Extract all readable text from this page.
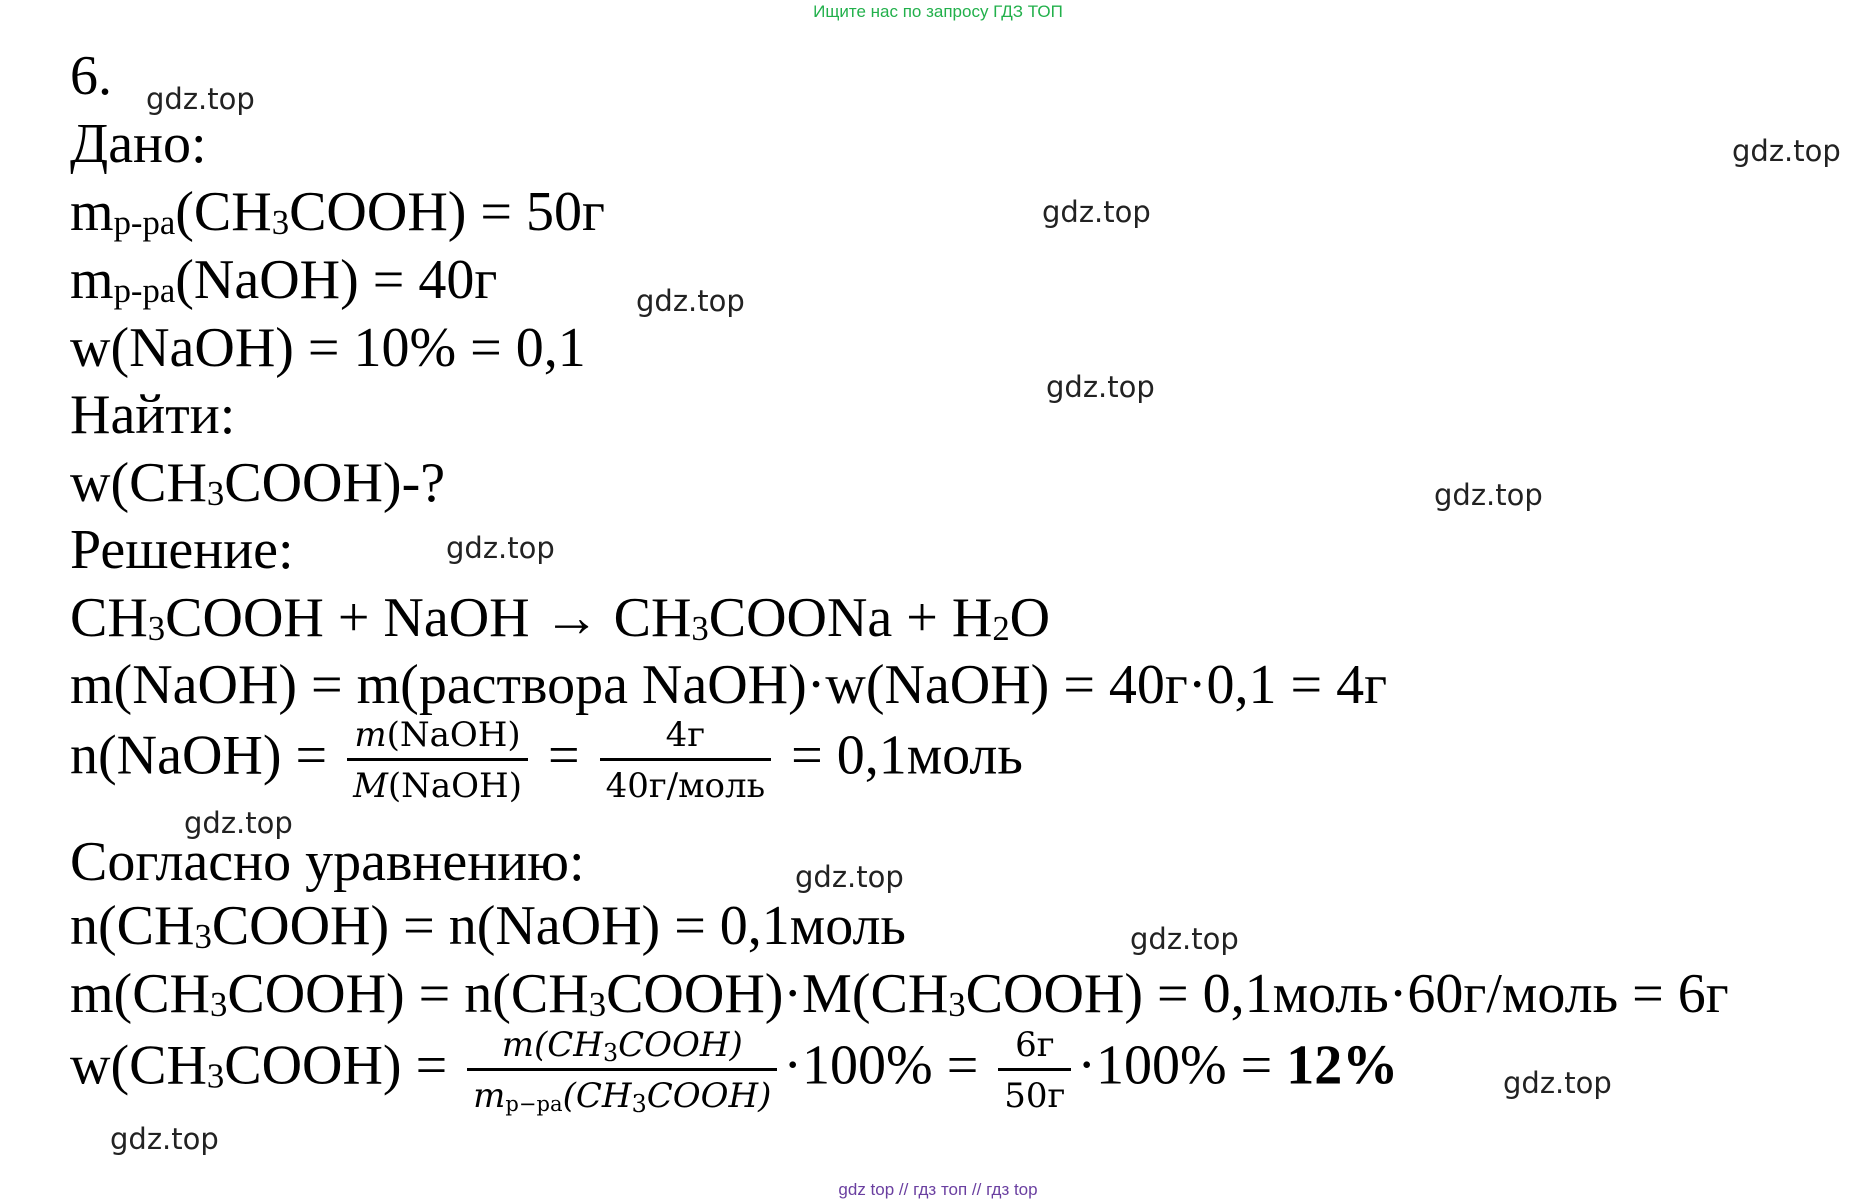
Ищите нас по запросу ГДЗ ТОП
gdz.top
gdz.top
gdz.top
gdz.top
gdz.top
gdz.top
gdz.top
gdz.top
gdz.top
gdz.top
gdz.top
gdz.top
6.
Дано:
$m_{р-ра}(CH_3COOH) = 50г$
$m_{р-ра}(NaOH) = 40г$
w(NaOH) = 10% = 0,1
Найти:
$w(CH_3COOH)-$?
Решение:
$CH_3COOH$ + NaOH → $CH_3COONa + H_2O$
m(NaOH) = m(раствора NaOH)·w(NaOH) = 40г·0,1 = 4г
n(NaOH) = $\frac{\text{m(NaOH)}}{\text{M(NaOH)}} = \frac{4г}{\text{40г/моль}}$ = 0,1моль
Согласно уравнению:
$n(CH_3COOH)$ = n(NaOH) = 0,1моль
$m(CH_3COOH)$ = $n(CH_3COOH)\cdot M(CH_3COOH)$ = 0,1моль·60г/моль = 6г
$w(CH_3COOH) = \frac{m(CH_3COOH)}{mр-ра(CH_3COOH)} \cdot 100\% = \frac{6г}{50г} \cdot 100\% = 12\%$
gdz top // гдз топ // гдз top
